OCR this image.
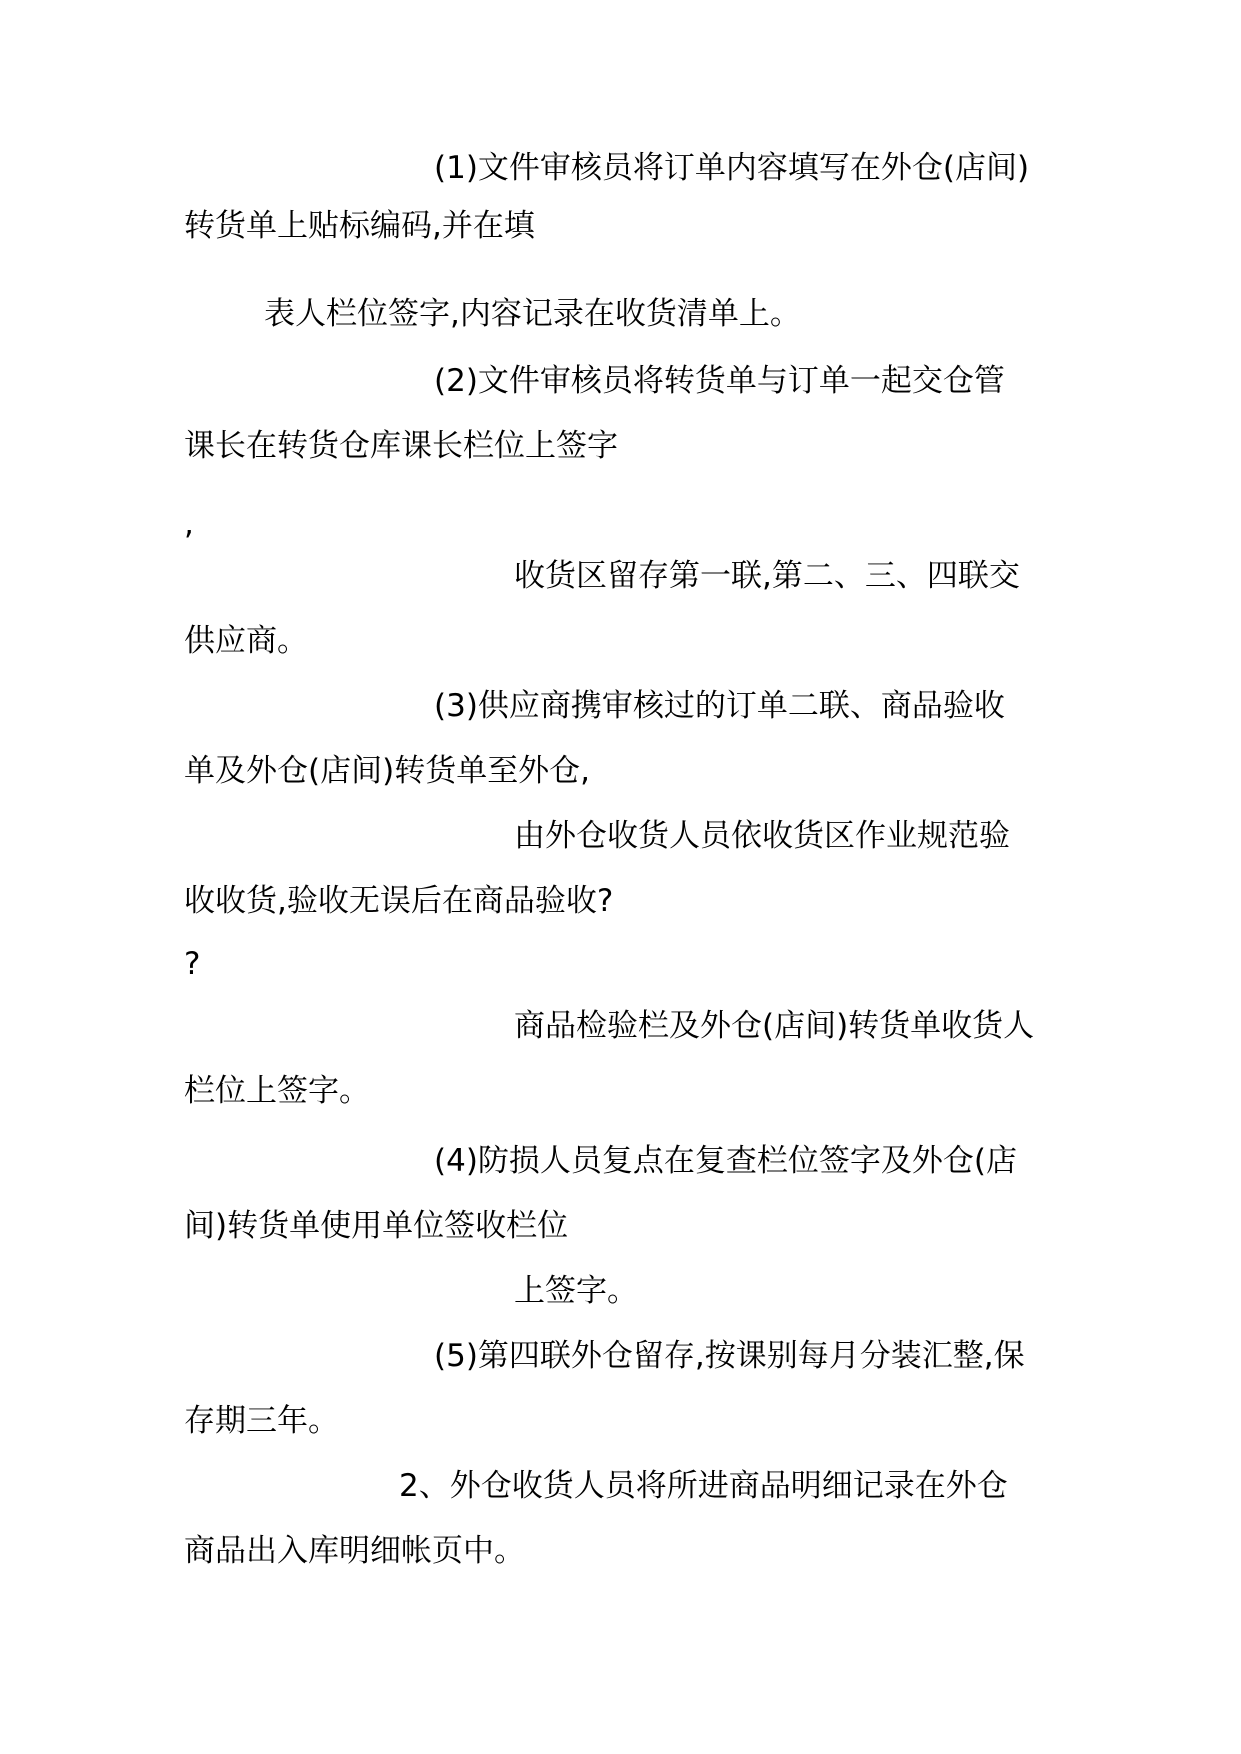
(1)文件审核员将订单内容填写在外仓(店间)
转货单上贴标编码,并在填
表人栏位签字,内容记录在收货清单上。
(2)文件审核员将转货单与订单一起交仓管
课长在转货仓库课长栏位上签字
,
收货区留存第一联,第二、三、四联交
供应商。
(3)供应商携审核过的订单二联、商品验收
单及外仓(店间)转货单至外仓,
由外仓收货人员依收货区作业规范验
收收货,验收无误后在商品验收?
?
商品检验栏及外仓(店间)转货单收货人
栏位上签字。
(4)防损人员复点在复查栏位签字及外仓(店
间)转货单使用单位签收栏位
上签字。
(5)第四联外仓留存,按课别每月分装汇整,保
存期三年。
2、外仓收货人员将所进商品明细记录在外仓
商品出入库明细帐页中。
